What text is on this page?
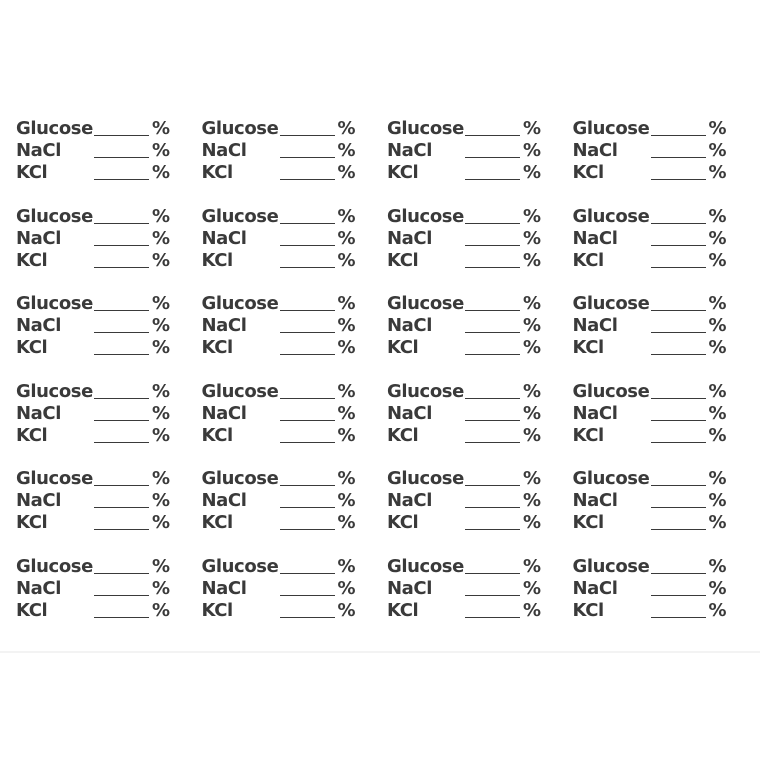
Glucose	%
NaCl	%
KCl	%
Glucose	%
NaCl	%
KCl	%
Glucose	%
NaCl	%
KCl	%
Glucose	%
NaCl	%
KCl	%
Glucose	%
NaCl	%
KCl	%
Glucose	%
NaCl	%
KCl	%
Glucose	%
NaCl	%
KCl	%
Glucose	%
NaCl	%
KCl	%
Glucose	%
NaCl	%
KCl	%
Glucose	%
NaCl	%
KCl	%
Glucose	%
NaCl	%
KCl	%
Glucose	%
NaCl	%
KCl	%
Glucose	%
NaCl	%
KCl	%
Glucose	%
NaCl	%
KCl	%
Glucose	%
NaCl	%
KCl	%
Glucose	%
NaCl	%
KCl	%
Glucose	%
NaCl	%
KCl	%
Glucose	%
NaCl	%
KCl	%
Glucose	%
NaCl	%
KCl	%
Glucose	%
NaCl	%
KCl	%
Glucose	%
NaCl	%
KCl	%
Glucose	%
NaCl	%
KCl	%
Glucose	%
NaCl	%
KCl	%
Glucose	%
NaCl	%
KCl	%
